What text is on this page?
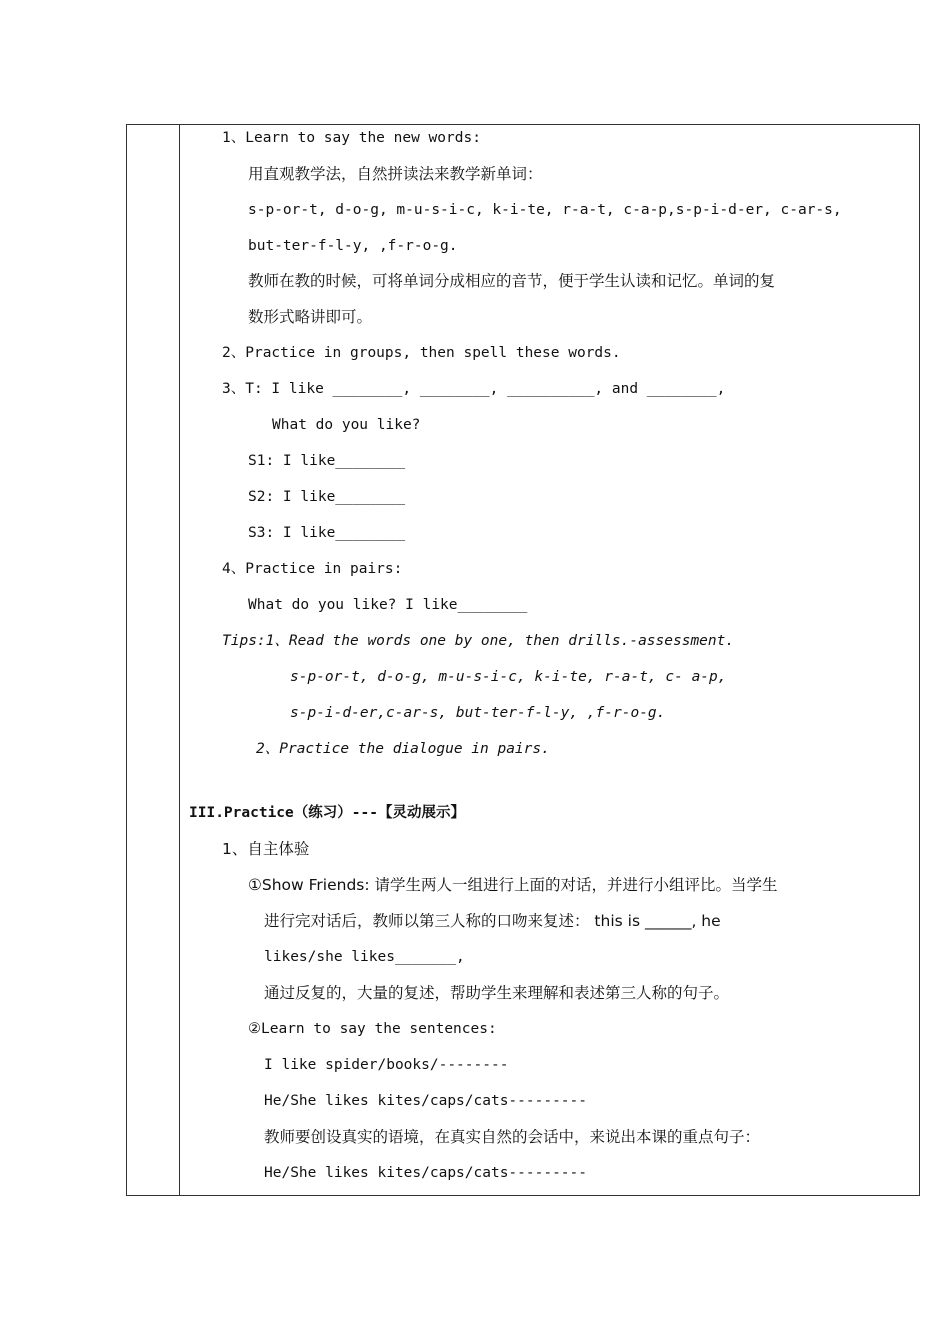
1、Learn to say the new words:
用直观教学法，自然拼读法来教学新单词：
s-p-or-t, d-o-g, m-u-s-i-c, k-i-te, r-a-t, c-a-p,s-p-i-d-er, c-ar-s,
but-ter-f-l-y, ,f-r-o-g.
教师在教的时候，可将单词分成相应的音节，便于学生认读和记忆。单词的复
数形式略讲即可。
2、Practice in groups, then spell these words.
3、T: I like ________, ________, __________, and ________,
What do you like?
S1: I like________
S2: I like________
S3: I like________
4、Practice in pairs:
What do you like? I like________
Tips:1、Read the words one by one, then drills.-assessment.
s-p-or-t, d-o-g, m-u-s-i-c, k-i-te, r-a-t, c- a-p,
s-p-i-d-er,c-ar-s, but-ter-f-l-y, ,f-r-o-g.
2、Practice the dialogue in pairs.
III.Practice（练习）---【灵动展示】
1、自主体验
①Show Friends: 请学生两人一组进行上面的对话，并进行小组评比。当学生
进行完对话后，教师以第三人称的口吻来复述： this is ______, he
likes/she likes_______,
通过反复的，大量的复述，帮助学生来理解和表述第三人称的句子。
②Learn to say the sentences:
I like spider/books/--------
He/She likes kites/caps/cats---------
教师要创设真实的语境，在真实自然的会话中，来说出本课的重点句子：
He/She likes kites/caps/cats---------
